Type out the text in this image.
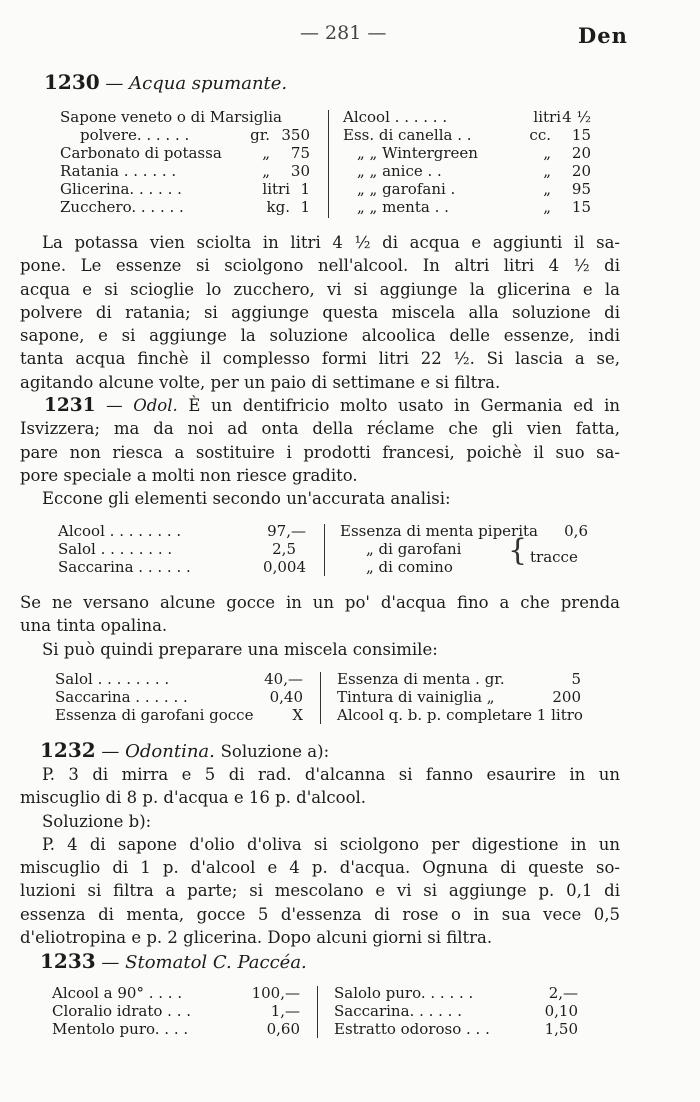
— 281 —	Den
1230 — Acqua spumante.
Sapone veneto o di Marsiglia
polvere. . . . . .	gr. 350
Carbonato di potassa	„ 75
Ratania . . . . . .	„ 30
Glicerina. . . . . .	litri 1
Zucchero. . . . . .	kg. 1
Alcool . . . . . .	litri 4 ½
Ess. di canella . .	cc. 15
„ „ Wintergreen	„ 20
„ „ anice . .	„ 20
„ „ garofani .	„ 95
„ „ menta . .	„ 15
La potassa vien sciolta in litri 4 ½ di acqua e aggiunti il sa-
pone. Le essenze si sciolgono nell'alcool. In altri litri 4 ½ di
acqua e si scioglie lo zucchero, vi si aggiunge la glicerina e la
polvere di ratania; si aggiunge questa miscela alla soluzione di
sapone, e si aggiunge la soluzione alcoolica delle essenze, indi
tanta acqua finchè il complesso formi litri 22 ½. Si lascia a se,
agitando alcune volte, per un paio di settimane e si filtra.
1231 — Odol. È un dentifricio molto usato in Germania ed in
Isvizzera; ma da noi ad onta della réclame che gli vien fatta,
pare non riesca a sostituire i prodotti francesi, poichè il suo sa-
pore speciale a molti non riesce gradito.
Eccone gli elementi secondo un'accurata analisi:
Alcool . . . . . . . .	97,—
Salol . . . . . . . .	2,5
Saccarina . . . . . .	0,004
Essenza di menta piperita 0,6
„ di garofani
„ di comino { tracce
Se ne versano alcune gocce in un po' d'acqua fino a che prenda
una tinta opalina.
Si può quindi preparare una miscela consimile:
Salol . . . . . . . .	40,—
Saccarina . . . . . .	0,40
Essenza di garofani gocce	X
Essenza di menta . gr.	5
Tintura di vainiglia „	200
Alcool q. b. p. completare 1 litro
1232 — Odontina. Soluzione a):
P. 3 di mirra e 5 di rad. d'alcanna si fanno esaurire in un
miscuglio di 8 p. d'acqua e 16 p. d'alcool.
Soluzione b):
P. 4 di sapone d'olio d'oliva si sciolgono per digestione in un
miscuglio di 1 p. d'alcool e 4 p. d'acqua. Ognuna di queste so-
luzioni si filtra a parte; si mescolano e vi si aggiunge p. 0,1 di
essenza di menta, gocce 5 d'essenza di rose o in sua vece 0,5
d'eliotropina e p. 2 glicerina. Dopo alcuni giorni si filtra.
1233 — Stomatol C. Paccéa.
Alcool a 90° . . . .	100,—
Cloralio idrato . . .	1,—
Mentolo puro. . . .	0,60
Salolo puro. . . . . .	2,—
Saccarina. . . . . .	0,10
Estratto odoroso . . .	1,50
